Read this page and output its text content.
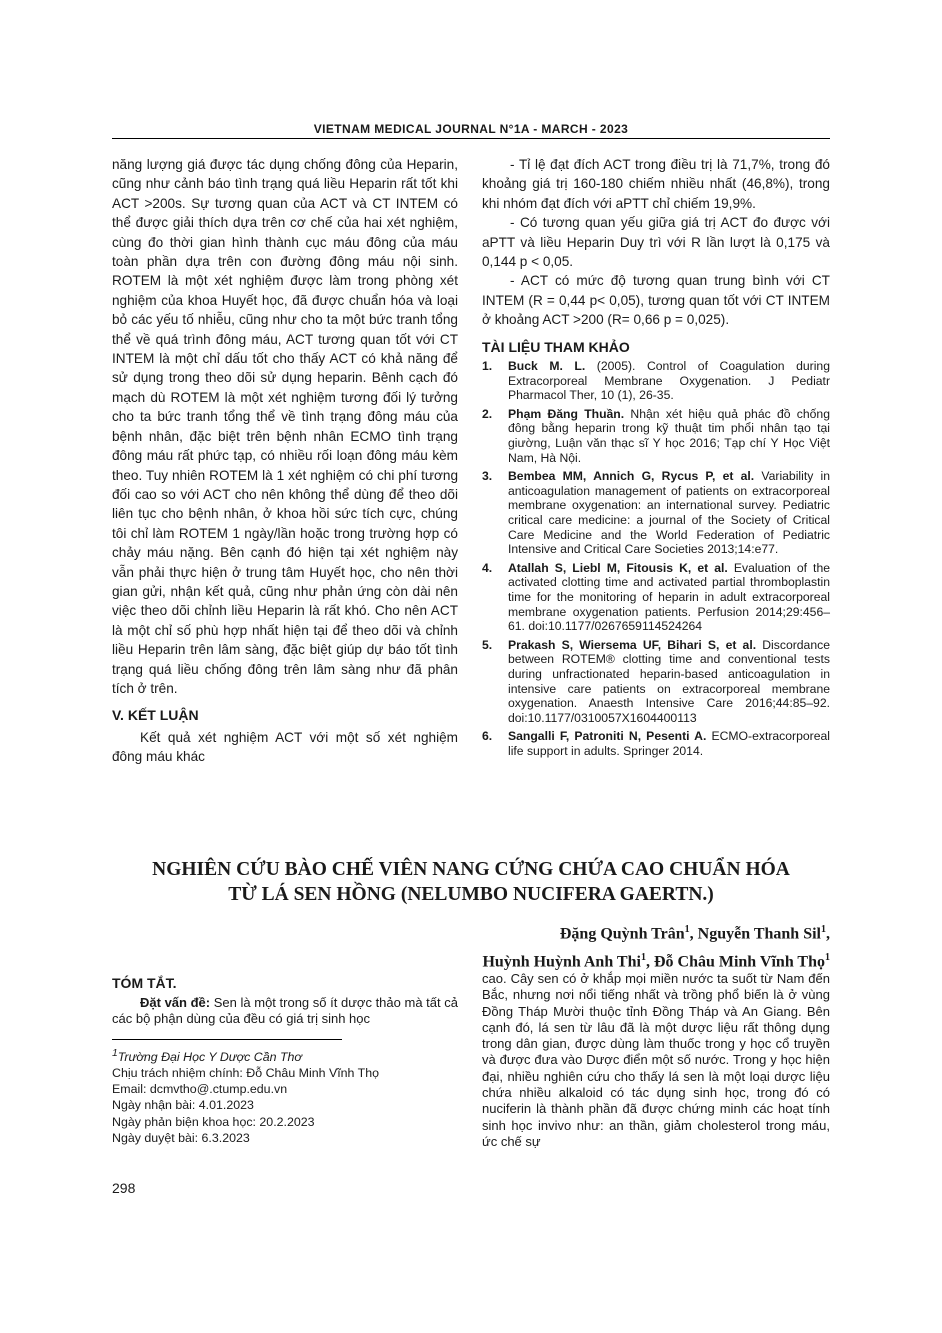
VIETNAM MEDICAL JOURNAL N°1A - MARCH - 2023

năng lượng giá được tác dụng chống đông của Heparin, cũng như cảnh báo tình trạng quá liều Heparin rất tốt khi ACT >200s. Sự tương quan của ACT và CT INTEM có thể được giải thích dựa trên cơ chế của hai xét nghiệm, cùng đo thời gian hình thành cục máu đông của máu toàn phần dựa trên con đường đông máu nội sinh. ROTEM là một xét nghiệm được làm trong phòng xét nghiệm của khoa Huyết học, đã được chuẩn hóa và loại bỏ các yếu tố nhiễu, cũng như cho ta một bức tranh tổng thể về quá trình đông máu, ACT tương quan tốt với CT INTEM là một chỉ dấu tốt cho thấy ACT có khả năng để sử dụng trong theo dõi sử dụng heparin. Bênh cạch đó mạch dù ROTEM là một xét nghiệm tương đối lý tưởng cho ta bức tranh tổng thể về tình trạng đông máu của bệnh nhân, đặc biệt trên bệnh nhân ECMO tình trạng đông máu rất phức tạp, có nhiều rối loạn đông máu kèm theo. Tuy nhiên ROTEM là 1 xét nghiệm có chi phí tương đối cao so với ACT cho nên không thể dùng để theo dõi liên tục cho bệnh nhân, ở khoa hồi sức tích cực, chúng tôi chỉ làm ROTEM 1 ngày/lần hoặc trong trường hợp có chảy máu nặng. Bên cạnh đó hiện tại xét nghiệm này vẫn phải thực hiện ở trung tâm Huyết học, cho nên thời gian gửi, nhận kết quả, cũng như phản ứng còn dài nên việc theo dõi chỉnh liều Heparin là rất khó. Cho nên ACT là một chỉ số phù hợp nhất hiện tại để theo dõi và chỉnh liều Heparin trên lâm sàng, đặc biệt giúp dự báo tốt tình trạng quá liều chống đông trên lâm sàng như đã phân tích ở trên.

V. KẾT LUẬN

Kết quả xét nghiệm ACT với một số xét nghiệm đông máu khác

- Tỉ lệ đạt đích ACT trong điều trị là 71,7%, trong đó khoảng giá trị 160-180 chiếm nhiều nhất (46,8%), trong khi nhóm đạt đích với aPTT chỉ chiếm 19,9%.

- Có tương quan yếu giữa giá trị ACT đo được với aPTT và liều Heparin Duy trì với R lần lượt là 0,175 và 0,144 p < 0,05.

- ACT có mức độ tương quan trung bình với CT INTEM (R = 0,44 p< 0,05), tương quan tốt với CT INTEM ở khoảng ACT >200 (R= 0,66 p = 0,025).

TÀI LIỆU THAM KHẢO
1. Buck M. L. (2005). Control of Coagulation during Extracorporeal Membrane Oxygenation. J Pediatr Pharmacol Ther, 10 (1), 26-35.
2. Phạm Đăng Thuần. Nhận xét hiệu quả phác đồ chống đông bằng heparin trong kỹ thuật tim phổi nhân tạo tại giường, Luận văn thạc sĩ Y học 2016; Tạp chí Y Học Việt Nam, Hà Nội.
3. Bembea MM, Annich G, Rycus P, et al. Variability in anticoagulation management of patients on extracorporeal membrane oxygenation: an international survey. Pediatric critical care medicine: a journal of the Society of Critical Care Medicine and the World Federation of Pediatric Intensive and Critical Care Societies 2013;14:e77.
4. Atallah S, Liebl M, Fitousis K, et al. Evaluation of the activated clotting time and activated partial thromboplastin time for the monitoring of heparin in adult extracorporeal membrane oxygenation patients. Perfusion 2014;29:456–61. doi:10.1177/0267659114524264
5. Prakash S, Wiersema UF, Bihari S, et al. Discordance between ROTEM® clotting time and conventional tests during unfractionated heparin-based anticoagulation in intensive care patients on extracorporeal membrane oxygenation. Anaesth Intensive Care 2016;44:85–92. doi:10.1177/0310057X1604400113
6. Sangalli F, Patroniti N, Pesenti A. ECMO-extracorporeal life support in adults. Springer 2014.
NGHIÊN CỨU BÀO CHẾ VIÊN NANG CỨNG CHỨA CAO CHUẨN HÓA
TỪ LÁ SEN HỒNG (NELUMBO NUCIFERA GAERTN.)
Đặng Quỳnh Trân$^1$, Nguyễn Thanh Sil$^1$,
Huỳnh Huỳnh Anh Thi$^1$, Đỗ Châu Minh Vĩnh Thọ$^1$
TÓM TẮT.
Đặt vấn đề: Sen là một trong số ít dược thảo mà tất cả các bộ phận dùng của đều có giá trị sinh học
cao. Cây sen có ở khắp mọi miền nước ta suốt từ Nam đến Bắc, nhưng nơi nổi tiếng nhất và trồng phổ biến là ở vùng Đồng Tháp Mười thuộc tỉnh Đồng Tháp và An Giang. Bên cạnh đó, lá sen từ lâu đã là một dược liệu rất thông dụng trong dân gian, được dùng làm thuốc trong y học cổ truyền và được đưa vào Dược điển một số nước. Trong y học hiện đại, nhiều nghiên cứu cho thấy lá sen là một loại dược liệu chứa nhiều alkaloid có tác dụng sinh học, trong đó có nuciferin là thành phần đã được chứng minh các hoạt tính sinh học invivo như: an thần, giảm cholesterol trong máu, ức chế sự
$^1$Trường Đại Học Y Dược Cần Thơ
Chịu trách nhiệm chính: Đỗ Châu Minh Vĩnh Thọ
Email: dcmvtho@.ctump.edu.vn
Ngày nhận bài: 4.01.2023
Ngày phản biện khoa học: 20.2.2023
Ngày duyệt bài: 6.3.2023
298
